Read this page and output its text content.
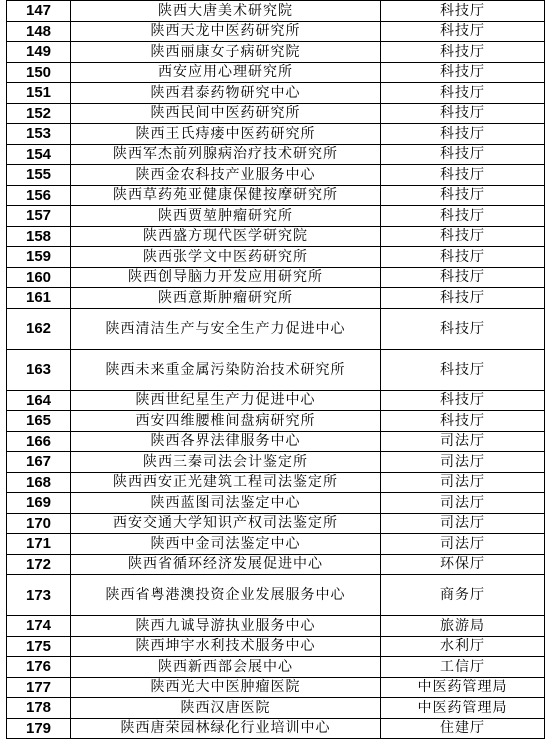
147	陕西大唐美术研究院	科技厅
148	陕西天龙中医药研究所	科技厅
149	陕西丽康女子病研究院	科技厅
150	西安应用心理研究所	科技厅
151	陕西君泰药物研究中心	科技厅
152	陕西民间中医药研究所	科技厅
153	陕西王氏痔瘘中医药研究所	科技厅
154	陕西军杰前列腺病治疗技术研究所	科技厅
155	陕西金农科技产业服务中心	科技厅
156	陕西草药苑亚健康保健按摩研究所	科技厅
157	陕西贾堃肿瘤研究所	科技厅
158	陕西盛方现代医学研究院	科技厅
159	陕西张学文中医药研究所	科技厅
160	陕西创导脑力开发应用研究所	科技厅
161	陕西意斯肿瘤研究所	科技厅
162	陕西清洁生产与安全生产力促进中心	科技厅
163	陕西未来重金属污染防治技术研究所	科技厅
164	陕西世纪星生产力促进中心	科技厅
165	西安四维腰椎间盘病研究所	科技厅
166	陕西各界法律服务中心	司法厅
167	陕西三秦司法会计鉴定所	司法厅
168	陕西西安正光建筑工程司法鉴定所	司法厅
169	陕西蓝图司法鉴定中心	司法厅
170	西安交通大学知识产权司法鉴定所	司法厅
171	陕西中金司法鉴定中心	司法厅
172	陕西省循环经济发展促进中心	环保厅
173	陕西省粤港澳投资企业发展服务中心	商务厅
174	陕西九诚导游执业服务中心	旅游局
175	陕西坤宇水利技术服务中心	水利厅
176	陕西新西部会展中心	工信厅
177	陕西光大中医肿瘤医院	中医药管理局
178	陕西汉唐医院	中医药管理局
179	陕西唐荣园林绿化行业培训中心	住建厅
